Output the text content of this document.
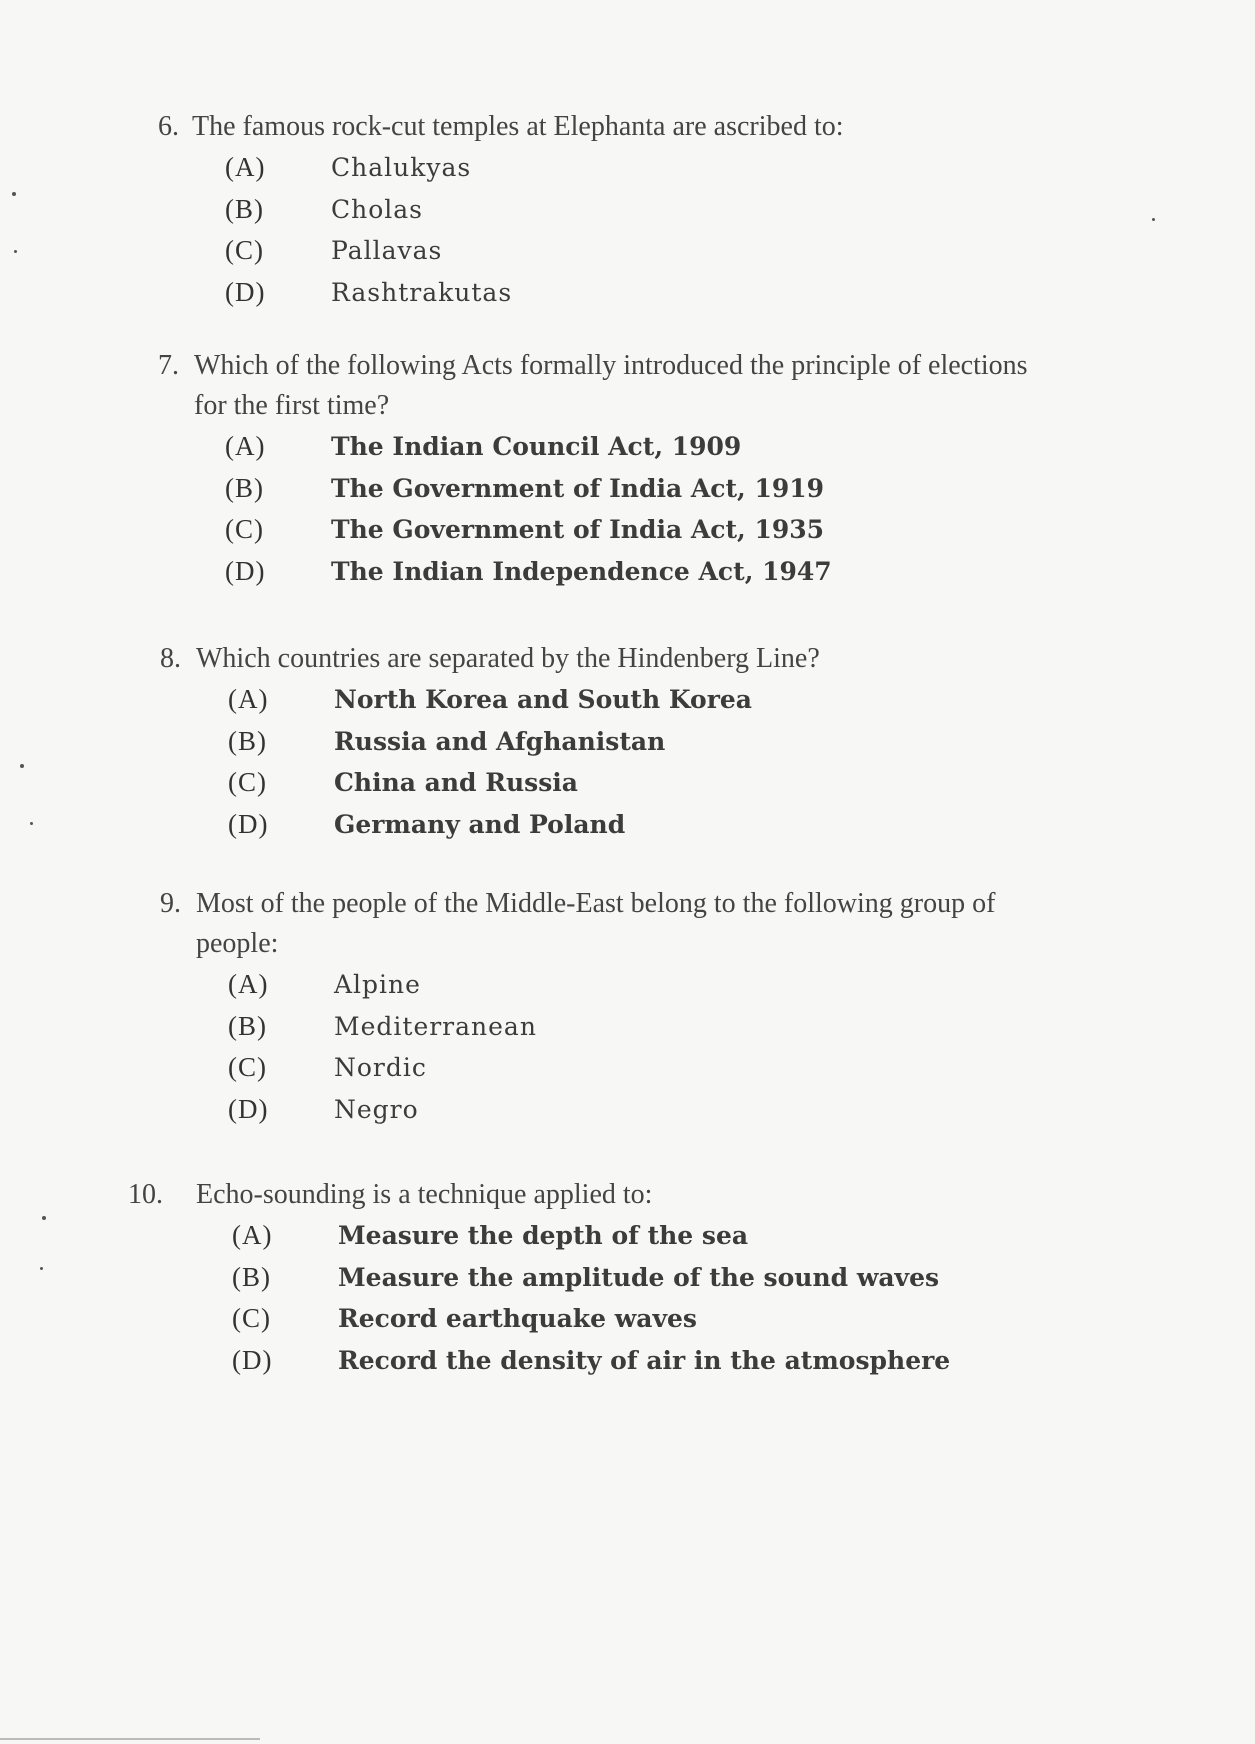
6. The famous rock-cut temples at Elephanta are ascribed to:
(A)	Chalukyas
(B)	Cholas
(C)	Pallavas
(D)	Rashtrakutas
7. Which of the following Acts formally introduced the principle of elections
for the first time?
(A)	The Indian Council Act, 1909
(B)	The Government of India Act, 1919
(C)	The Government of India Act, 1935
(D)	The Indian Independence Act, 1947
8. Which countries are separated by the Hindenberg Line?
(A)	North Korea and South Korea
(B)	Russia and Afghanistan
(C)	China and Russia
(D)	Germany and Poland
9. Most of the people of the Middle-East belong to the following group of
people:
(A)	Alpine
(B)	Mediterranean
(C)	Nordic
(D)	Negro
10.	Echo-sounding is a technique applied to:
(A)	Measure the depth of the sea
(B)	Measure the amplitude of the sound waves
(C)	Record earthquake waves
(D)	Record the density of air in the atmosphere
